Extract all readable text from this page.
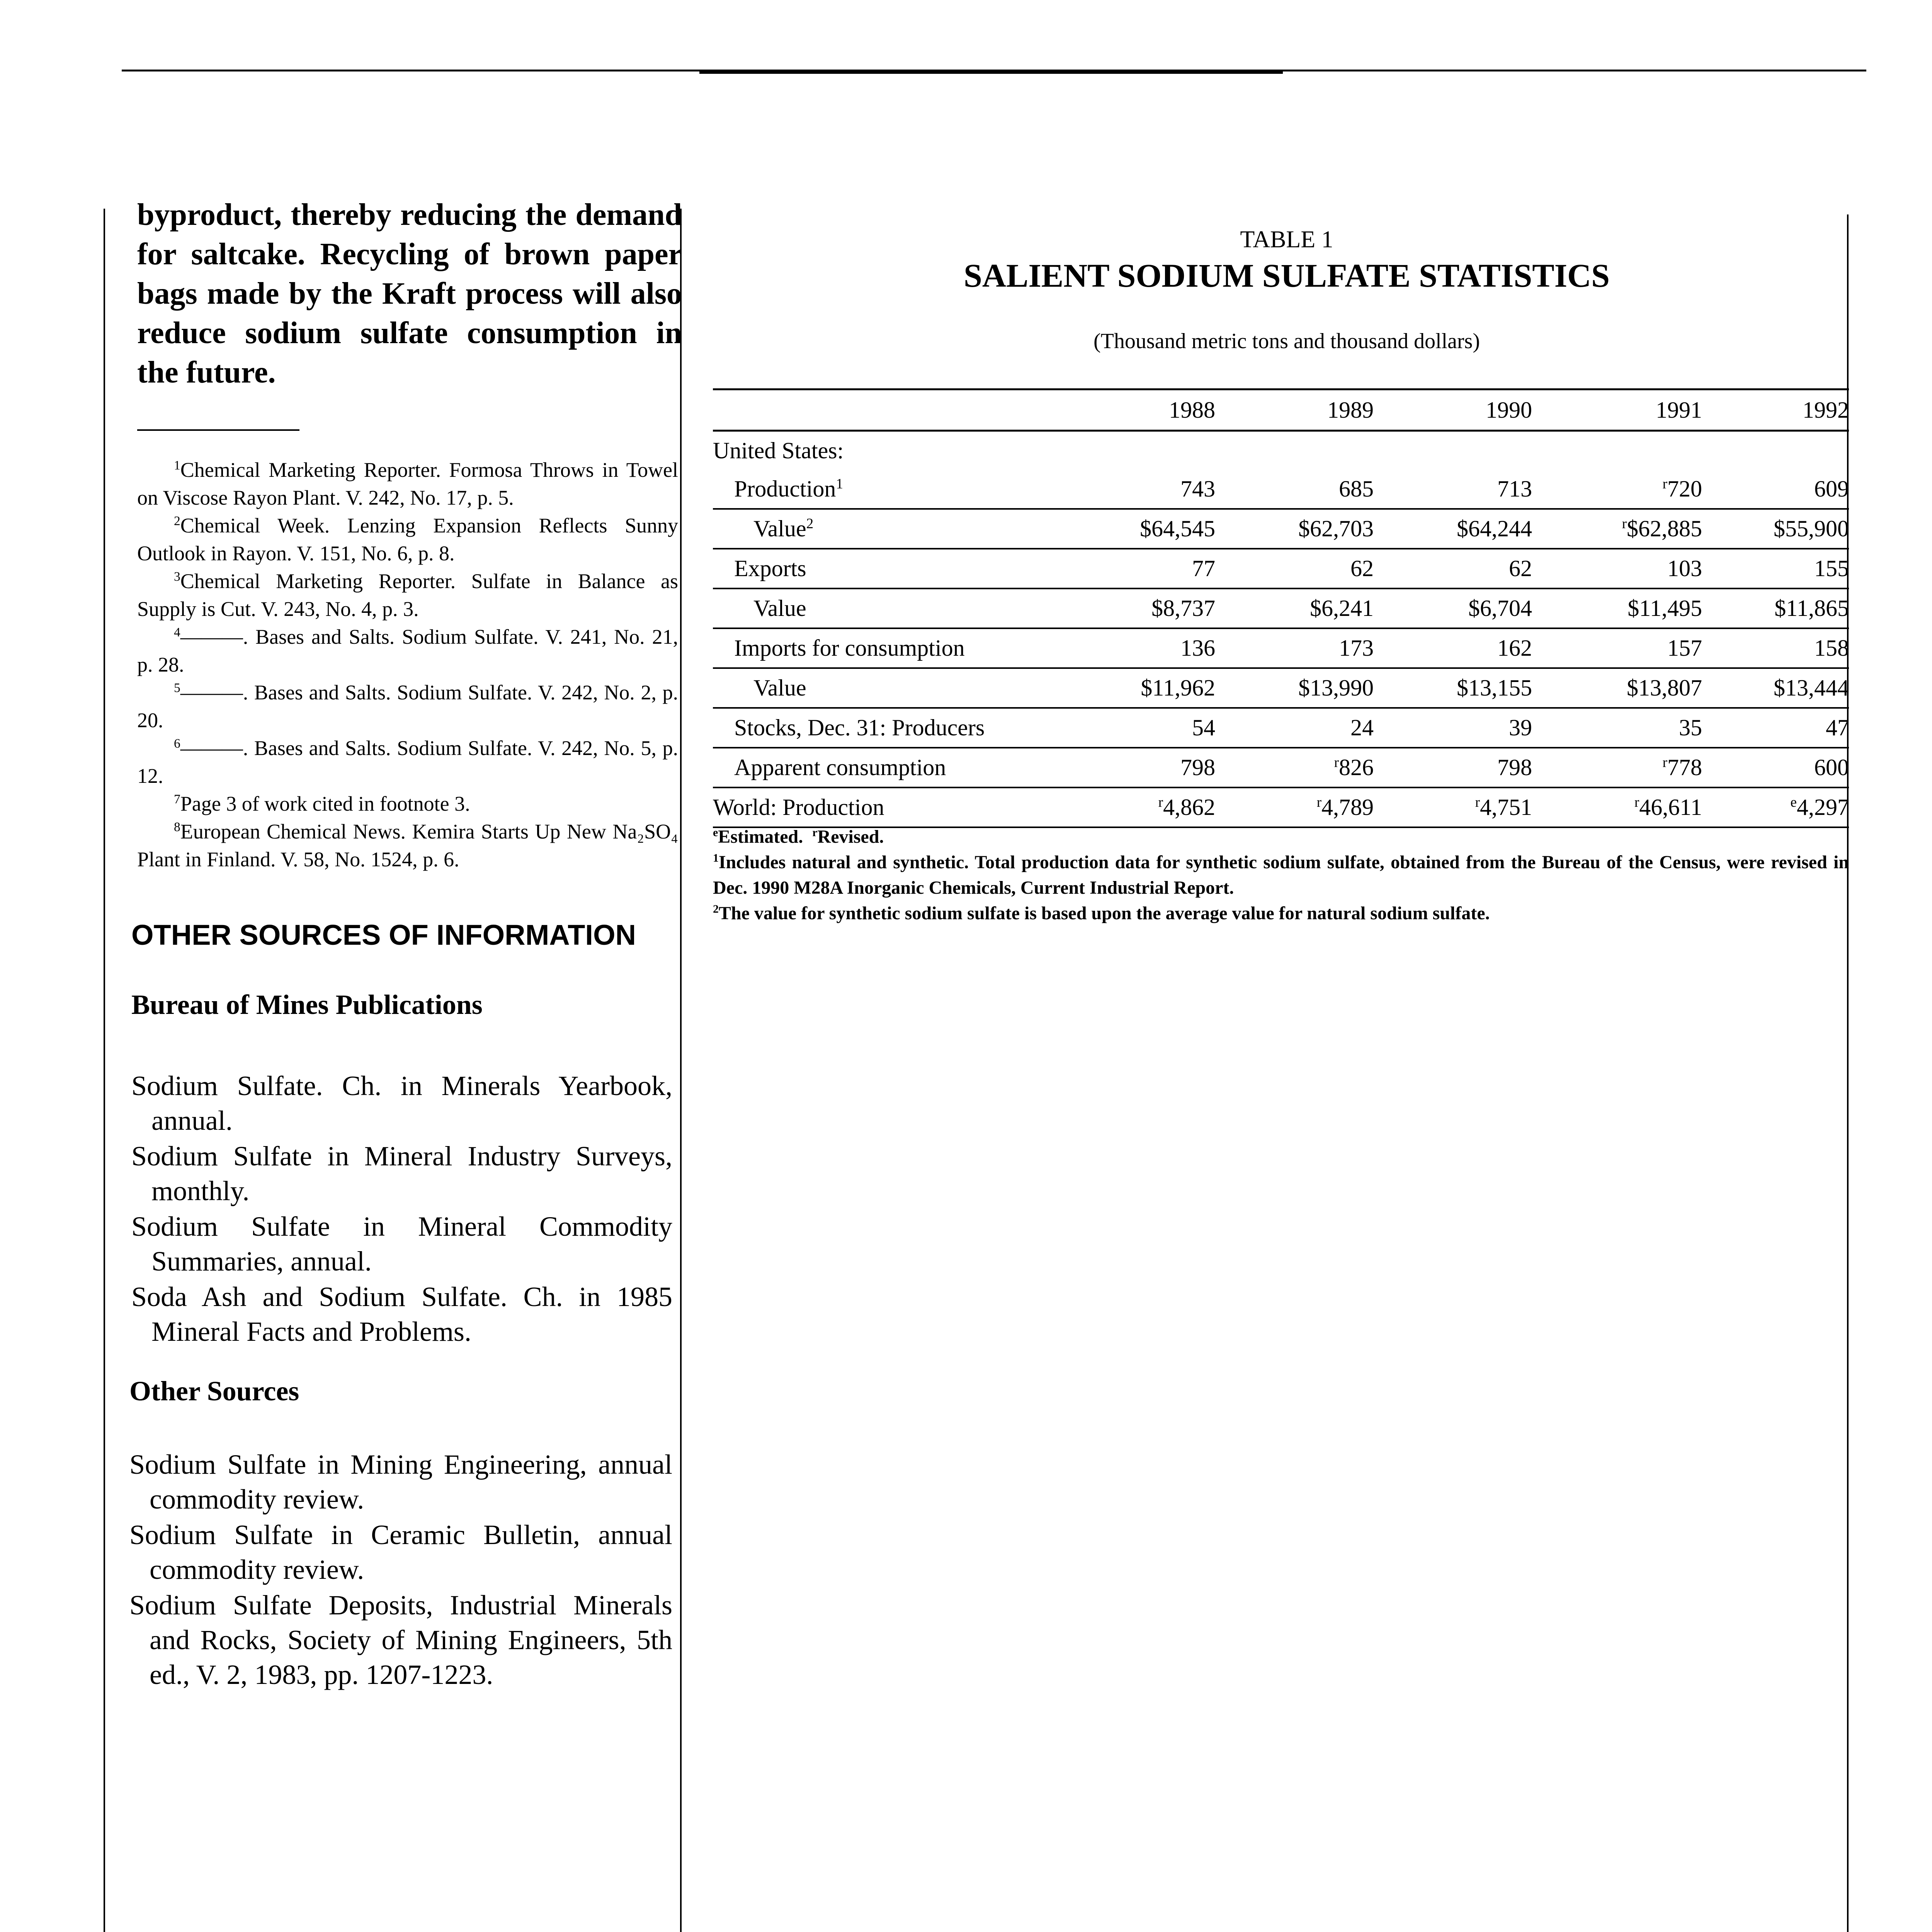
byproduct, thereby reducing the demand for saltcake. Recycling of brown paper bags made by the Kraft process will also reduce sodium sulfate consumption in the future.

$^1$Chemical Marketing Reporter. Formosa Throws in Towel on Viscose Rayon Plant. V. 242, No. 17, p. 5.

$^2$Chemical Week. Lenzing Expansion Reflects Sunny Outlook in Rayon. V. 151, No. 6, p. 8.

$^3$Chemical Marketing Reporter. Sulfate in Balance as Supply is Cut. V. 243, No. 4, p. 3.

$^4$———. Bases and Salts. Sodium Sulfate. V. 241, No. 21, p. 28.

$^5$———. Bases and Salts. Sodium Sulfate. V. 242, No. 2, p. 20.

$^6$———. Bases and Salts. Sodium Sulfate. V. 242, No. 5, p. 12.

$^7$Page 3 of work cited in footnote 3.

$^8$European Chemical News. Kemira Starts Up New Na₂SO₄ Plant in Finland. V. 58, No. 1524, p. 6.

OTHER SOURCES OF INFORMATION
Bureau of Mines Publications

Sodium Sulfate. Ch. in Minerals Yearbook, annual.

Sodium Sulfate in Mineral Industry Surveys, monthly.

Sodium Sulfate in Mineral Commodity Summaries, annual.

Soda Ash and Sodium Sulfate. Ch. in 1985 Mineral Facts and Problems.

Other Sources

Sodium Sulfate in Mining Engineering, annual commodity review.

Sodium Sulfate in Ceramic Bulletin, annual commodity review.

Sodium Sulfate Deposits, Industrial Minerals and Rocks, Society of Mining Engineers, 5th ed., V. 2, 1983, pp. 1207-1223.

TABLE 1
SALIENT SODIUM SULFATE STATISTICS
(Thousand metric tons and thousand dollars)
	1988	1989	1990	1991	1992
United States:					
Production$^1$	743	685	713	$^r$720	609
Value$^2$	$64,545	$62,703	$64,244	$^r$\$62,885	$55,900
Exports	77	62	62	103	155
Value	$8,737	$6,241	$6,704	$11,495	$11,865
Imports for consumption	136	173	162	157	158
Value	$11,962	$13,990	$13,155	$13,807	$13,444
Stocks, Dec. 31: Producers	54	24	39	35	47
Apparent consumption	798	$^r$826	798	$^r$778	600
World: Production	$^r$4,862	$^r$4,789	$^r$4,751	$^r$46,611	$^e$4,297

$^e$Estimated. $^r$Revised.

$^1$Includes natural and synthetic. Total production data for synthetic sodium sulfate, obtained from the Bureau of the Census, were revised in Dec. 1990 M28A Inorganic Chemicals, Current Industrial Report.

$^2$The value for synthetic sodium sulfate is based upon the average value for natural sodium sulfate.
